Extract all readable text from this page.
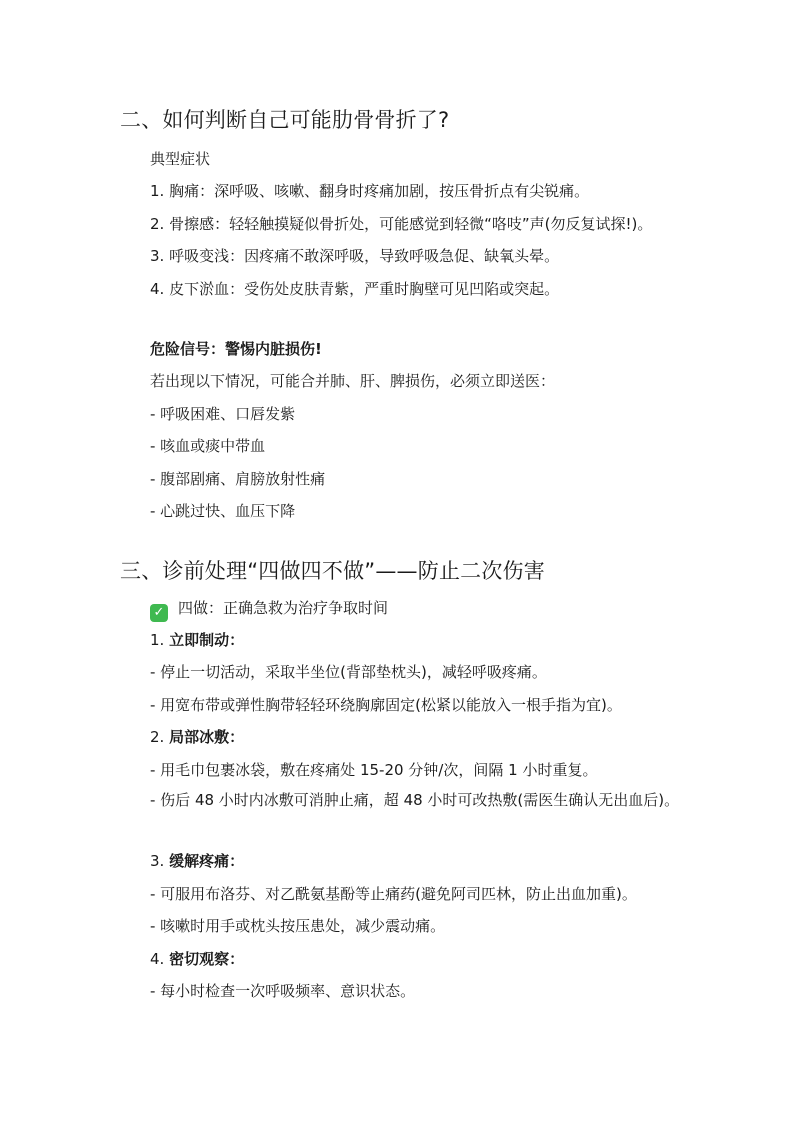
二、如何判断自己可能肋骨骨折了?
典型症状
1. 胸痛：深呼吸、咳嗽、翻身时疼痛加剧，按压骨折点有尖锐痛。
2. 骨擦感：轻轻触摸疑似骨折处，可能感觉到轻微“咯吱”声(勿反复试探!)。
3. 呼吸变浅：因疼痛不敢深呼吸，导致呼吸急促、缺氧头晕。
4. 皮下淤血：受伤处皮肤青紫，严重时胸壁可见凹陷或突起。
危险信号：警惕内脏损伤!
若出现以下情况，可能合并肺、肝、脾损伤，必须立即送医：
- 呼吸困难、口唇发紫
- 咳血或痰中带血
- 腹部剧痛、肩膀放射性痛
- 心跳过快、血压下降
三、诊前处理“四做四不做”——防止二次伤害
✓ 四做：正确急救为治疗争取时间
1. 立即制动：
- 停止一切活动，采取半坐位(背部垫枕头)，减轻呼吸疼痛。
- 用宽布带或弹性胸带轻轻环绕胸廓固定(松紧以能放入一根手指为宜)。
2. 局部冰敷：
- 用毛巾包裹冰袋，敷在疼痛处 15-20 分钟/次，间隔 1 小时重复。
- 伤后 48 小时内冰敷可消肿止痛，超 48 小时可改热敷(需医生确认无出血后)。
3. 缓解疼痛：
- 可服用布洛芬、对乙酰氨基酚等止痛药(避免阿司匹林，防止出血加重)。
- 咳嗽时用手或枕头按压患处，减少震动痛。
4. 密切观察：
- 每小时检查一次呼吸频率、意识状态。
